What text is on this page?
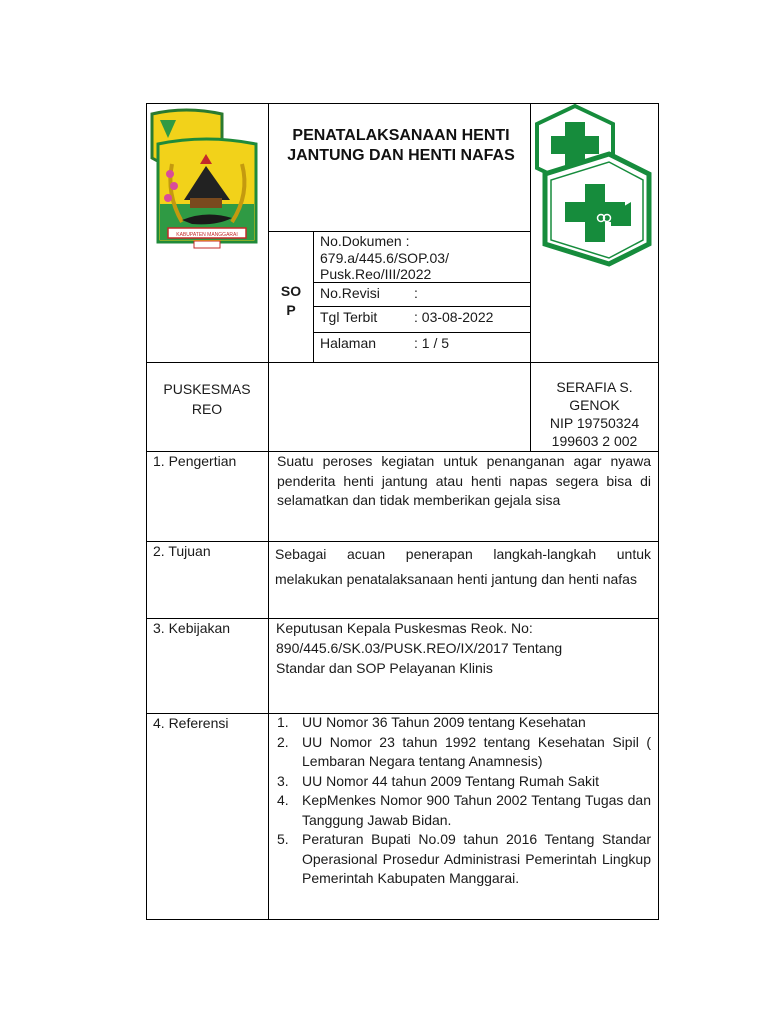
KABUPATEN MANGGARAI
PENATALAKSANAAN HENTI JANTUNG DAN HENTI NAFAS
SO P
No.Dokumen : 679.a/445.6/SOP.03/ Pusk.Reo/III/2022
No.Revisi :
Tgl Terbit	: 03-08-2022
Halaman	: 1 / 5
PUSKESMAS REO
SERAFIA S. GENOK
NIP 19750324 199603 2 002
1. Pengertian	Suatu peroses kegiatan untuk penanganan agar nyawa penderita henti jantung atau henti napas segera bisa di selamatkan dan tidak memberikan gejala sisa
2. Tujuan	Sebagai acuan penerapan langkah-langkah untuk melakukan penatalaksanaan henti jantung dan henti nafas
3. Kebijakan	Keputusan Kepala Puskesmas Reok. No: 890/445.6/SK.03/PUSK.REO/IX/2017 Tentang Standar dan SOP Pelayanan Klinis
4. Referensi	1. UU Nomor 36 Tahun 2009 tentang Kesehatan
2. UU Nomor 23 tahun 1992 tentang Kesehatan Sipil ( Lembaran Negara tentang Anamnesis)
3. UU Nomor 44 tahun 2009 Tentang Rumah Sakit
4. KepMenkes Nomor 900 Tahun 2002 Tentang Tugas dan Tanggung Jawab Bidan.
5. Peraturan Bupati No.09 tahun 2016 Tentang Standar Operasional Prosedur Administrasi Pemerintah Lingkup Pemerintah Kabupaten Manggarai.
